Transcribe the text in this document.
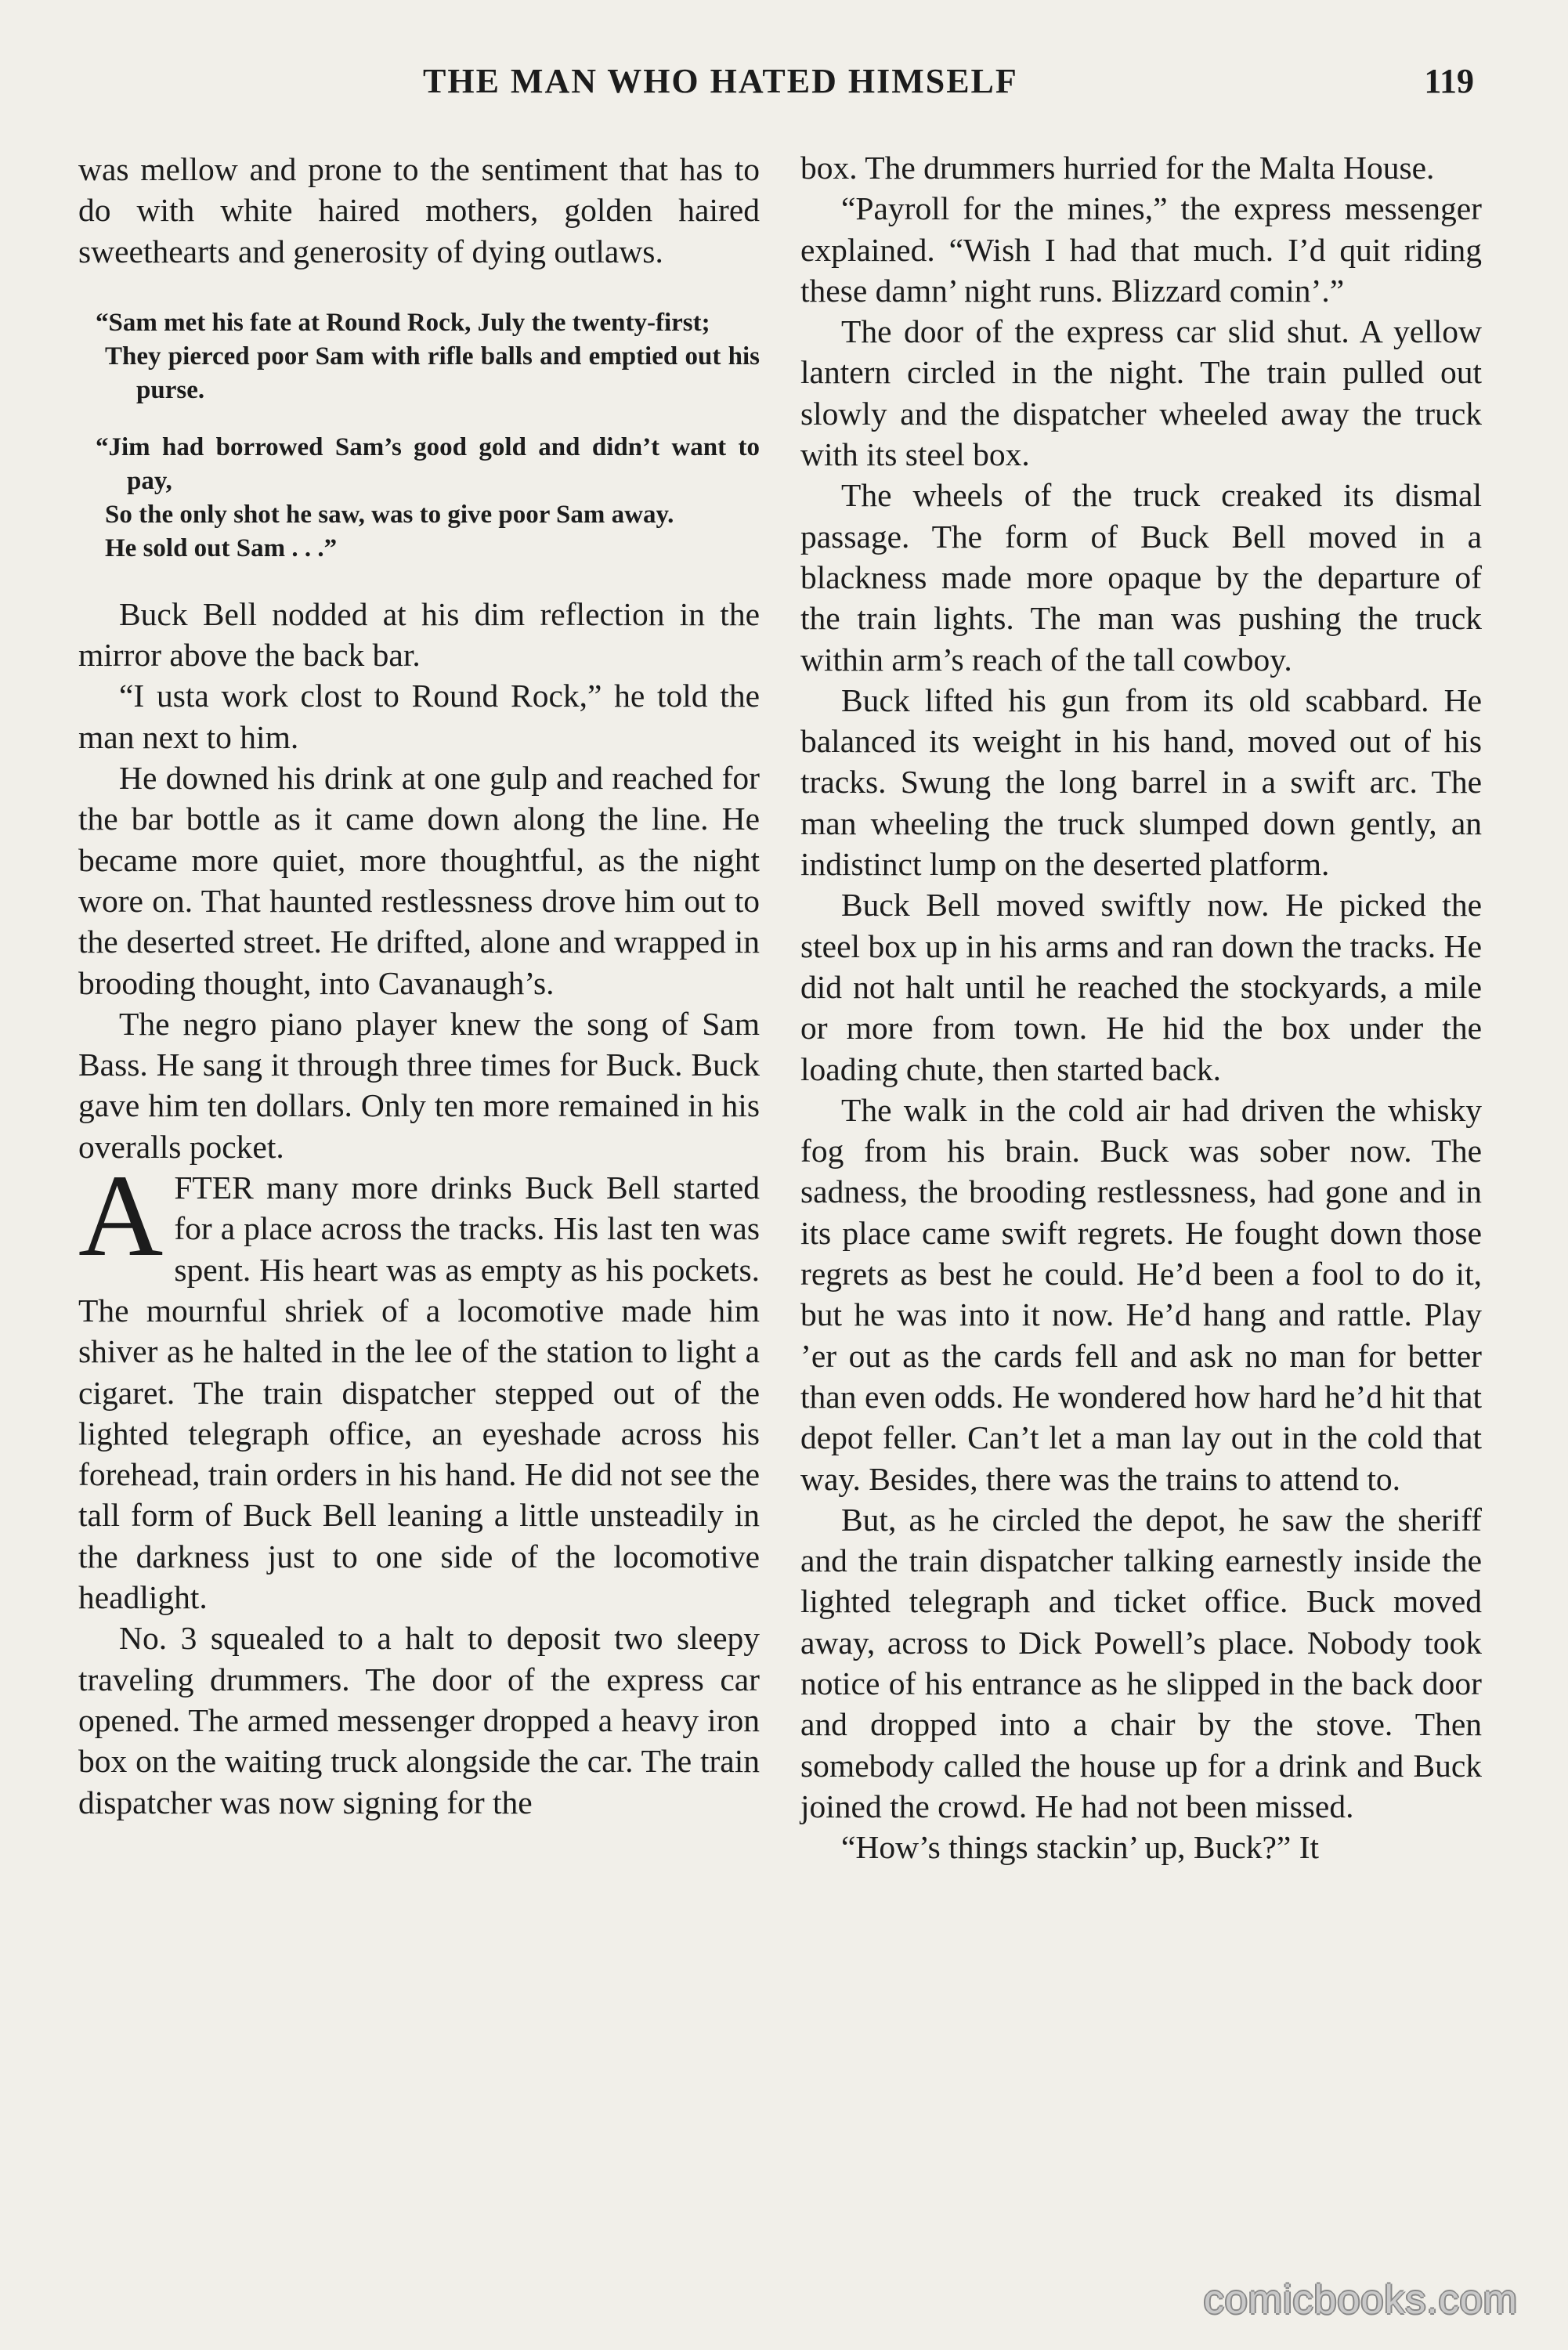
THE MAN WHO HATED HIMSELF	119

was mellow and prone to the sentiment that has to do with white haired mothers, golden haired sweethearts and generosity of dying outlaws.

“Sam met his fate at Round Rock, July the twenty-first;
They pierced poor Sam with rifle balls and emptied out his purse.
“Jim had borrowed Sam’s good gold and didn’t want to pay,
So the only shot he saw, was to give poor Sam away.
He sold out Sam . . .”

Buck Bell nodded at his dim reflection in the mirror above the back bar.

“I usta work clost to Round Rock,” he told the man next to him.

He downed his drink at one gulp and reached for the bar bottle as it came down along the line. He became more quiet, more thoughtful, as the night wore on. That haunted restlessness drove him out to the deserted street. He drifted, alone and wrapped in brooding thought, into Cavanaugh’s.

The negro piano player knew the song of Sam Bass. He sang it through three times for Buck. Buck gave him ten dollars. Only ten more remained in his overalls pocket.

AFTER many more drinks Buck Bell started for a place across the tracks. His last ten was spent. His heart was as empty as his pockets. The mournful shriek of a locomotive made him shiver as he halted in the lee of the station to light a cigaret. The train dispatcher stepped out of the lighted telegraph office, an eyeshade across his forehead, train orders in his hand. He did not see the tall form of Buck Bell leaning a little unsteadily in the darkness just to one side of the locomotive headlight.

No. 3 squealed to a halt to deposit two sleepy traveling drummers. The door of the express car opened. The armed messenger dropped a heavy iron box on the waiting truck alongside the car. The train dispatcher was now signing for the

box. The drummers hurried for the Malta House.

“Payroll for the mines,” the express messenger explained. “Wish I had that much. I’d quit riding these damn’ night runs. Blizzard comin’.”

The door of the express car slid shut. A yellow lantern circled in the night. The train pulled out slowly and the dispatcher wheeled away the truck with its steel box.

The wheels of the truck creaked its dismal passage. The form of Buck Bell moved in a blackness made more opaque by the departure of the train lights. The man was pushing the truck within arm’s reach of the tall cowboy.

Buck lifted his gun from its old scabbard. He balanced its weight in his hand, moved out of his tracks. Swung the long barrel in a swift arc. The man wheeling the truck slumped down gently, an indistinct lump on the deserted platform.

Buck Bell moved swiftly now. He picked the steel box up in his arms and ran down the tracks. He did not halt until he reached the stockyards, a mile or more from town. He hid the box under the loading chute, then started back.

The walk in the cold air had driven the whisky fog from his brain. Buck was sober now. The sadness, the brooding restlessness, had gone and in its place came swift regrets. He fought down those regrets as best he could. He’d been a fool to do it, but he was into it now. He’d hang and rattle. Play ’er out as the cards fell and ask no man for better than even odds. He wondered how hard he’d hit that depot feller. Can’t let a man lay out in the cold that way. Besides, there was the trains to attend to.

But, as he circled the depot, he saw the sheriff and the train dispatcher talking earnestly inside the lighted telegraph and ticket office. Buck moved away, across to Dick Powell’s place. Nobody took notice of his entrance as he slipped in the back door and dropped into a chair by the stove. Then somebody called the house up for a drink and Buck joined the crowd. He had not been missed.

“How’s things stackin’ up, Buck?” It

comicbooks.com
